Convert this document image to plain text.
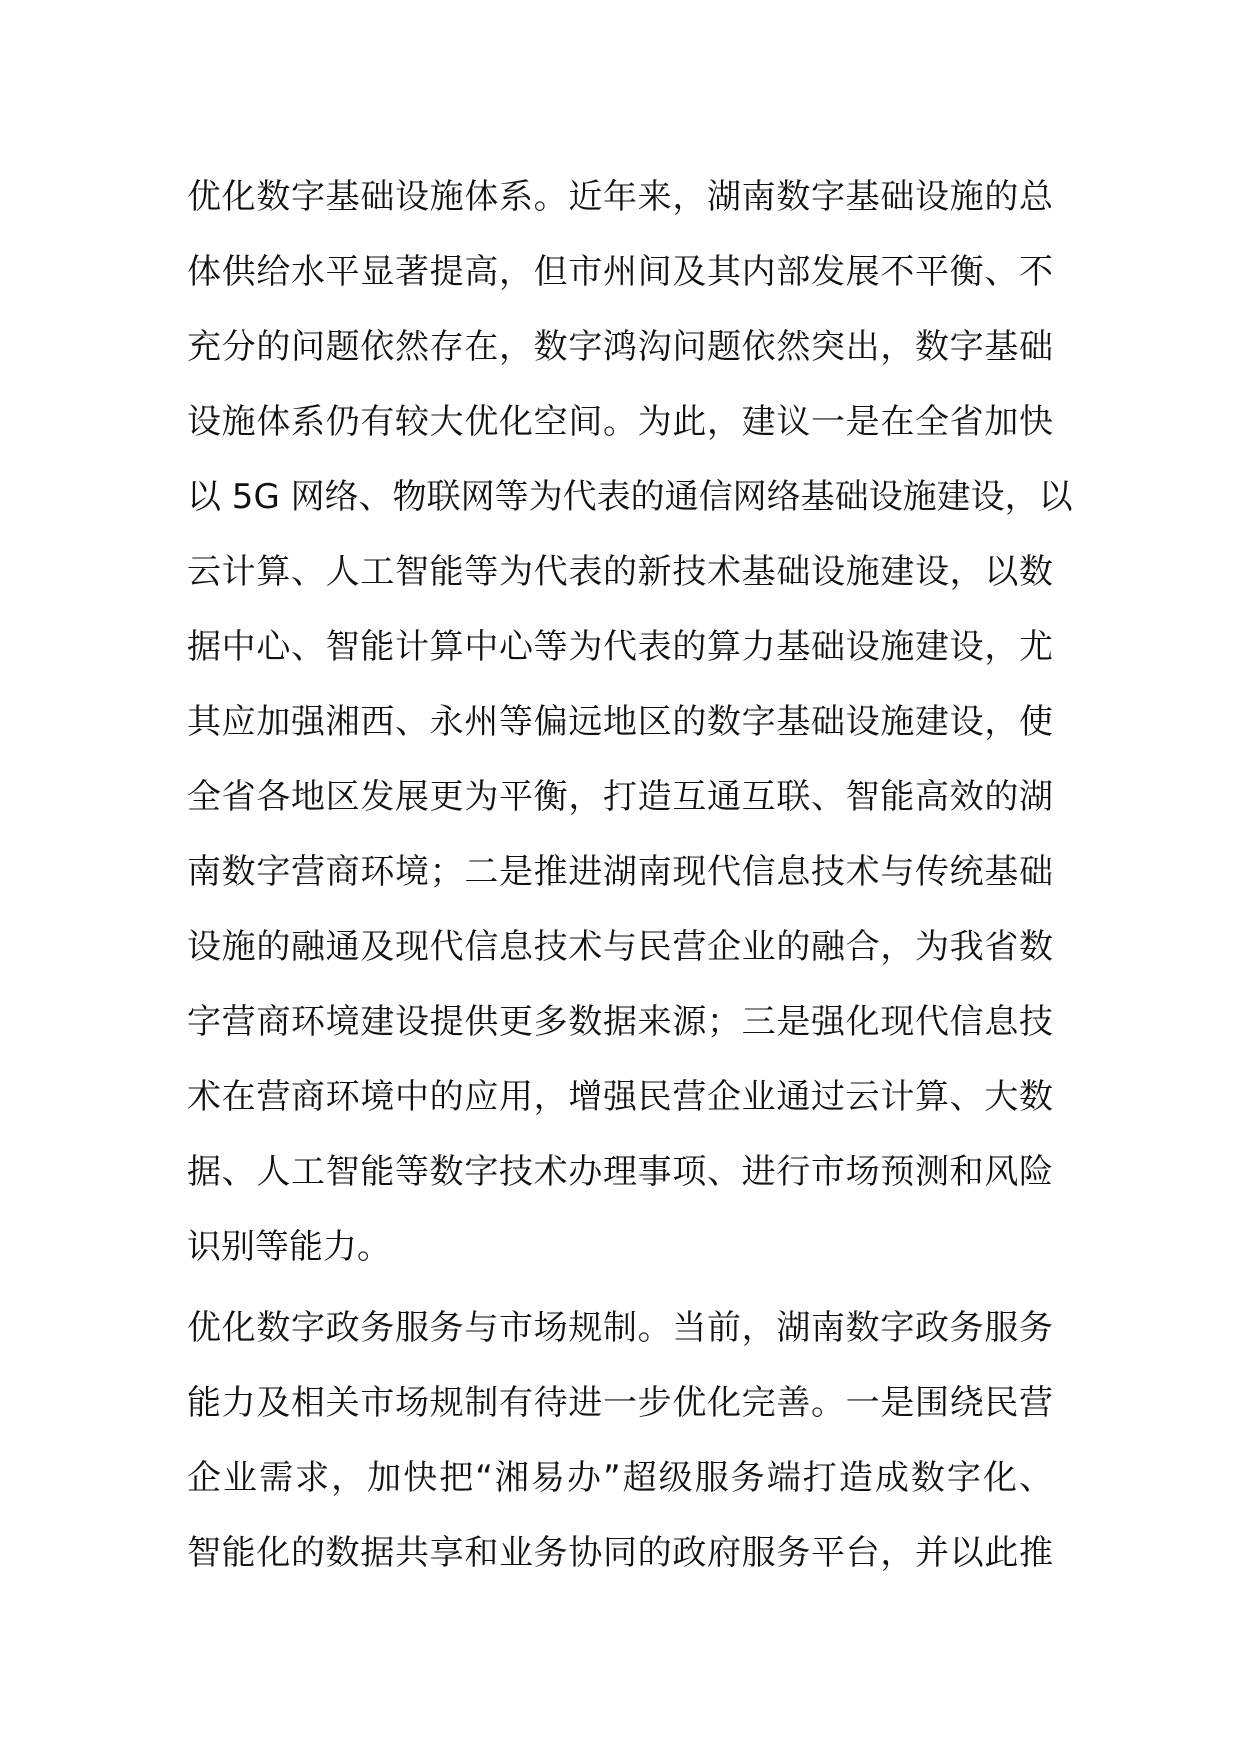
优化数字基础设施体系。近年来，湖南数字基础设施的总
体供给水平显著提高，但市州间及其内部发展不平衡、不
充分的问题依然存在，数字鸿沟问题依然突出，数字基础
设施体系仍有较大优化空间。为此，建议一是在全省加快
以 5G 网络、物联网等为代表的通信网络基础设施建设，以
云计算、人工智能等为代表的新技术基础设施建设，以数
据中心、智能计算中心等为代表的算力基础设施建设，尤
其应加强湘西、永州等偏远地区的数字基础设施建设，使
全省各地区发展更为平衡，打造互通互联、智能高效的湖
南数字营商环境；二是推进湖南现代信息技术与传统基础
设施的融通及现代信息技术与民营企业的融合，为我省数
字营商环境建设提供更多数据来源；三是强化现代信息技
术在营商环境中的应用，增强民营企业通过云计算、大数
据、人工智能等数字技术办理事项、进行市场预测和风险
识别等能力。
优化数字政务服务与市场规制。当前，湖南数字政务服务
能力及相关市场规制有待进一步优化完善。一是围绕民营
企业需求，加快把“湘易办”超级服务端打造成数字化、
智能化的数据共享和业务协同的政府服务平台，并以此推
